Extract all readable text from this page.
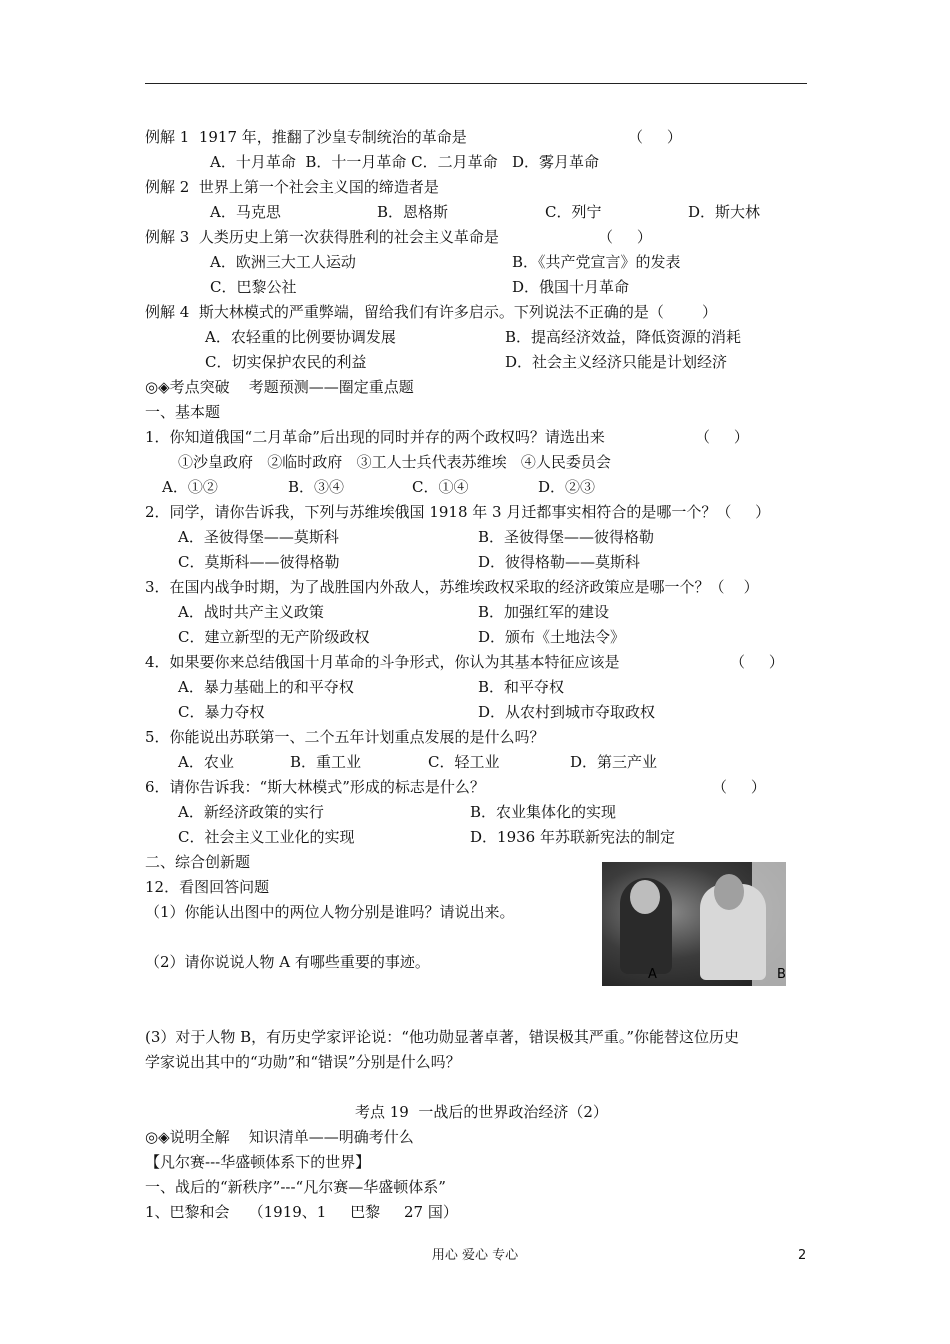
例解 1  1917 年，推翻了沙皇专制统治的革命是	（     ）
A．十月革命  B．十一月革命 C．二月革命   D．雾月革命
例解 2  世界上第一个社会主义国的缔造者是
A．马克思	B．恩格斯	C．列宁	D．斯大林
例解 3  人类历史上第一次获得胜利的社会主义革命是	（     ）
A．欧洲三大工人运动	B．《共产党宣言》的发表
C．巴黎公社	D．俄国十月革命
例解 4  斯大林模式的严重弊端，留给我们有许多启示。下列说法不正确的是（        ）
A．农轻重的比例要协调发展	B．提高经济效益，降低资源的消耗
C．切实保护农民的利益	D．社会主义经济只能是计划经济
◎◈考点突破    考题预测——圈定重点题
一、基本题
1．你知道俄国“二月革命”后出现的同时并存的两个政权吗？请选出来	（     ）
①沙皇政府   ②临时政府   ③工人士兵代表苏维埃   ④人民委员会
A．①②	B．③④	C．①④	D．②③
2．同学，请你告诉我，下列与苏维埃俄国 1918 年 3 月迁都事实相符合的是哪一个？（     ）
A．圣彼得堡——莫斯科	B．圣彼得堡——彼得格勒
C．莫斯科——彼得格勒	D．彼得格勒——莫斯科
3．在国内战争时期，为了战胜国内外敌人，苏维埃政权采取的经济政策应是哪一个？（    ）
A．战时共产主义政策	B．加强红军的建设
C．建立新型的无产阶级政权	D．颁布《土地法令》
4．如果要你来总结俄国十月革命的斗争形式，你认为其基本特征应该是	（     ）
A．暴力基础上的和平夺权	B．和平夺权
C．暴力夺权	D．从农村到城市夺取政权
5．你能说出苏联第一、二个五年计划重点发展的是什么吗？
A．农业	B．重工业	C．轻工业	D．第三产业
6．请你告诉我：“斯大林模式”形成的标志是什么？	（     ）
A．新经济政策的实行	B．农业集体化的实现
C．社会主义工业化的实现	D．1936 年苏联新宪法的制定
二、综合创新题
12．看图回答问题
（1）你能认出图中的两位人物分别是谁吗？请说出来。
（2）请你说说人物 A 有哪些重要的事迹。
A	B
(3）对于人物 B，有历史学家评论说：“他功勋显著卓著，错误极其严重。”你能替这位历史
学家说出其中的“功勋”和“错误”分别是什么吗？
考点 19  一战后的世界政治经济（2）
◎◈说明全解    知识清单——明确考什么
【凡尔赛---华盛顿体系下的世界】
一、战后的“新秩序”---“凡尔赛—华盛顿体系”
1、巴黎和会    （1919、1     巴黎     27 国）
用心 爱心 专心	2
